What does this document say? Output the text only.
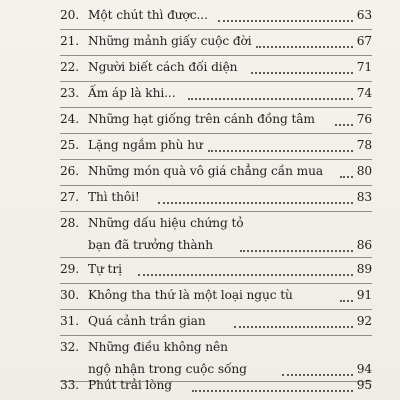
20. Một chút thì được...	63
21. Những mảnh giấy cuộc đời	67
22. Người biết cách đối diện	71
23. Ấm áp là khi...	74
24. Những hạt giống trên cánh đồng tâm	76
25. Lặng ngắm phù hư	78
26. Những món quà vô giá chẳng cần mua	80
27. Thì thôi!	83
28. Những dấu hiệu chứng tỏ
bạn đã trưởng thành	86
29. Tự trị	89
30. Không tha thứ là một loại ngục tù	91
31. Quá cảnh trần gian	92
32. Những điều không nên
ngộ nhận trong cuộc sống	94
33. Phút trải lòng	95
